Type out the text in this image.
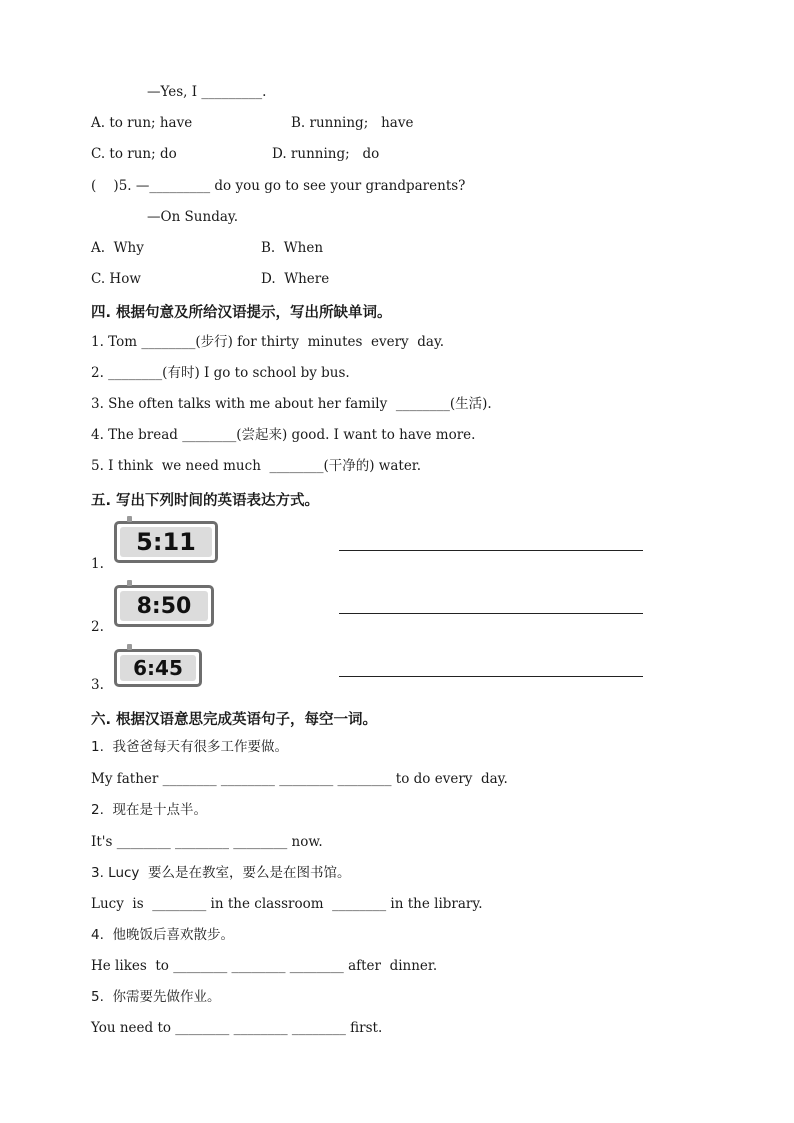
—Yes, I _________.
A. to run; have	B. running;   have
C. to run; do	D. running;   do
(    )5. —_________ do you go to see your grandparents?
—On Sunday.
A.  Why	B.  When
C. How	D.  Where
四. 根据句意及所给汉语提示，写出所缺单词。
1. Tom ________(步行) for thirty  minutes  every  day.
2. ________(有时) I go to school by bus.
3. She often talks with me about her family  ________(生活).
4. The bread ________(尝起来) good. I want to have more.
5. I think  we need much  ________(干净的) water.
五. 写出下列时间的英语表达方式。
5:11
1.
8:50
2.
6:45
3.
六. 根据汉语意思完成英语句子，每空一词。
1.  我爸爸每天有很多工作要做。
My father ________ ________ ________ ________ to do every  day.
2.  现在是十点半。
It's ________ ________ ________ now.
3. Lucy  要么是在教室，要么是在图书馆。
Lucy  is  ________ in the classroom  ________ in the library.
4.  他晚饭后喜欢散步。
He likes  to ________ ________ ________ after  dinner.
5.  你需要先做作业。
You need to ________ ________ ________ first.
